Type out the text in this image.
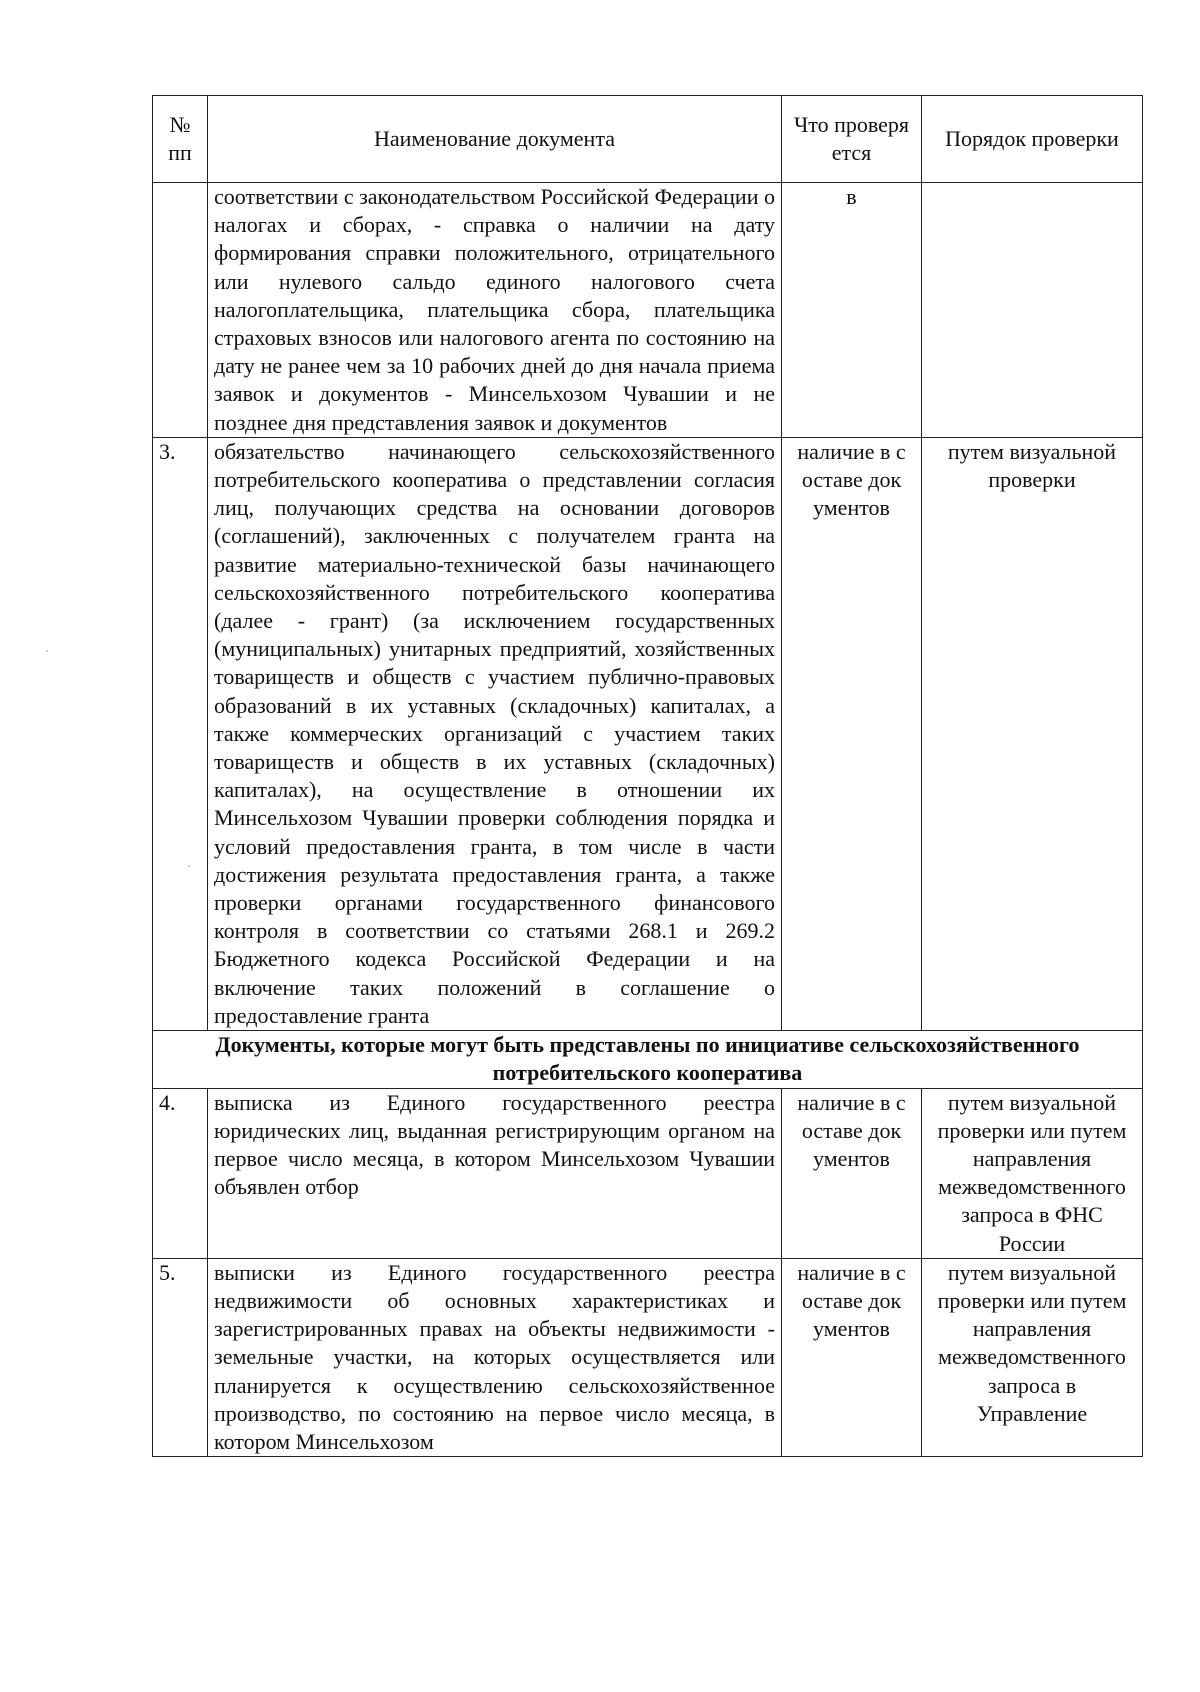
№ пп	Наименование документа	Что проверяется	Порядок проверки
	соответствии с законодательством Российской Федерации о налогах и сборах, - справка о наличии на дату формирования справки положительного, отрицательного или нулевого сальдо единого налогового счета налогоплательщика, плательщика сбора, плательщика страховых взносов или налогового агента по состоянию на дату не ранее чем за 10 рабочих дней до дня начала приема заявок и документов - Минсельхозом Чувашии и не позднее дня представления заявок и документов	в	
3.	обязательство начинающего сельскохозяйственного потребительского кооператива о представлении согласия лиц, получающих средства на основании договоров (соглашений), заключенных с получателем гранта на развитие материально-технической базы начинающего сельскохозяйственного потребительского кооператива (далее - грант) (за исключением государственных (муниципальных) унитарных предприятий, хозяйственных товариществ и обществ с участием публично-правовых образований в их уставных (складочных) капиталах, а также коммерческих организаций с участием таких товариществ и обществ в их уставных (складочных) капиталах), на осуществление в отношении их Минсельхозом Чувашии проверки соблюдения порядка и условий предоставления гранта, в том числе в части достижения результата предоставления гранта, а также проверки органами государственного финансового контроля в соответствии со статьями 268.1 и 269.2 Бюджетного кодекса Российской Федерации и на включение таких положений в соглашение о предоставление гранта	наличие в составе документов	путем визуальной проверки
Документы, которые могут быть представлены по инициативе сельскохозяйственного потребительского кооператива			
4.	выписка из Единого государственного реестра юридических лиц, выданная регистрирующим органом на первое число месяца, в котором Минсельхозом Чувашии объявлен отбор	наличие в составе документов	путем визуальной проверки или путем направления межведомственного запроса в ФНС России
5.	выписки из Единого государственного реестра недвижимости об основных характеристиках и зарегистрированных правах на объекты недвижимости - земельные участки, на которых осуществляется или планируется к осуществлению сельскохозяйственное производство, по состоянию на первое число месяца, в котором Минсельхозом	наличие в составе документов	путем визуальной проверки или путем направления межведомственного запроса в Управление
